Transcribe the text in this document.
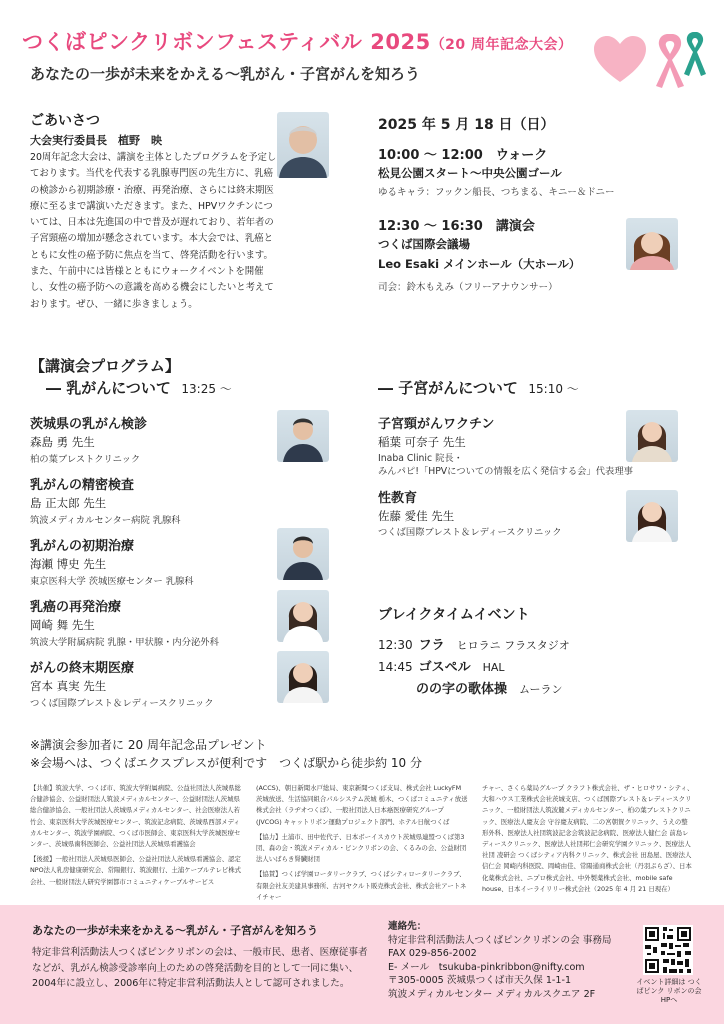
つくばピンクリボンフェスティバル 2025（20 周年記念大会）
あなたの一歩が未来をかえる〜乳がん・子宮がんを知ろう
ごあいさつ
大会実行委員長　植野　映
20周年記念大会は、講演を主体としたプログラムを予定しております。当代を代表する乳腺専門医の先生方に、乳癌の検診から初期診療・治療、再発治療、さらには終末期医療に至るまで講演いただきます。また、HPVワクチンについては、日本は先進国の中で普及が遅れており、若年者の子宮頸癌の増加が懸念されています。本大会では、乳癌とともに女性の癌予防に焦点を当て、啓発活動を行います。また、午前中には皆様とともにウォークイベントを開催し、女性の癌予防への意識を高める機会にしたいと考えております。ぜひ、一緒に歩きましょう。
2025 年 5 月 18 日（日）
10:00 〜 12:00　ウォーク
松見公園スタート〜中央公園ゴール
ゆるキャラ：フックン船長、つちまる、キニー＆ドニー
12:30 〜 16:30　講演会
つくば国際会議場
Leo Esaki メインホール（大ホール）
司会：鈴木もえみ（フリーアナウンサー）
【講演会プログラム】
― 乳がんについて 13:25 〜	― 子宮がんについて 15:10 〜
茨城県の乳がん検診
森島 勇 先生
柏の葉ブレストクリニック
乳がんの精密検査
島 正太郎 先生
筑波メディカルセンター病院 乳腺科
乳がんの初期治療
海瀬 博史 先生
東京医科大学 茨城医療センター 乳腺科
乳癌の再発治療
岡崎 舞 先生
筑波大学附属病院 乳腺・甲状腺・内分泌外科
がんの終末期医療
宮本 真実 先生
つくば国際ブレスト＆レディースクリニック
子宮頸がんワクチン
稲葉 可奈子 先生
Inaba Clinic 院長・
みんパピ!「HPVについての情報を広く発信する会」代表理事
性教育
佐藤 愛佳 先生
つくば国際ブレスト＆レディースクリニック
ブレイクタイムイベント
12:30 フラ ヒロラニ フラスタジオ
14:45 ゴスペル HAL
のの字の歌体操 ムーラン
※講演会参加者に 20 周年記念品プレゼント
※会場へは、つくばエクスプレスが便利です　つくば駅から徒歩約 10 分
【共催】筑波大学、つくば市、筑波大学附属病院、公益社団法人茨城県総合健診協会、公益財団法人筑波メディカルセンター、公益財団法人茨城県総合健診協会、一般社団法人茨城県メディカルセンター、社会医療法人若竹会、東京医科大学茨城医療センター、筑波記念病院、茨城県西部メディカルセンター、筑波学園病院、つくば市医師会、東京医科大学茨城医療センター、茨城県歯科医師会、公益社団法人茨城県看護協会
【後援】一般社団法人茨城県医師会、公益社団法人茨城県看護協会、認定NPO法人乳房健康研究会、常陽銀行、筑波銀行、土浦ケーブルテレビ株式会社、一般財団法人研究学園都市コミュニティケーブルサービス
(ACCS)、朝日新聞水戸総局、東京新聞つくば支局、株式会社 LuckyFM 茨城放送、生活協同組合パルシステム茨城 栃木、つくばコミュニティ放送株式会社（ラヂオつくば）、一般社団法人日本癌医療研究グループ (JVCOG) キャットリボン運動プロジェクト部門、ホテル日航つくば
【協力】土浦市、田中佐代子、日本ボーイスカウト茨城県連盟つくば第3団、森の会・筑波メディカル・ピンクリボンの会、くるみの会、公益財団法人いばらき腎臓財団
【協賛】つくば学園ロータリークラブ、つくばシティロータリークラブ、有限会社友美建具事務所、古河ヤクルト販売株式会社、株式会社アートネイチャー
チャー、さくら薬局グループ クラフト株式会社、ザ・ヒロサワ・シティ、大和ハウス工業株式会社茨城支店、つくば国際ブレスト＆レディースクリニック、一般財団法人筑波麓メディカルセンター、柏の葉ブレストクリニック、医療法人慶友会 守谷慶友病院、二の宮朝賀クリニック、うえの整形外科、医療法人社団筑波記念会筑波記念病院、医療法人健仁会 前島レディースクリニック、医療法人社団邦仁会研究学園クリニック、医療法人社団 凌研会 つくばシティア内科クリニック、株式会社 田島屋、医療法人信仁会 岡崎内科医院、岡崎由佳、常陽通商株式会社（丹羽ぷらざ）、日本化薬株式会社、ニプロ株式会社、中外製薬株式会社、mobile safe house、日本イーライリリー株式会社（2025 年 4 月 21 日現在）
あなたの一歩が未来をかえる〜乳がん・子宮がんを知ろう
特定非営利活動法人つくばピンクリボンの会は、一般市民、患者、医療従事者などが、乳がん検診受診率向上のための啓発活動を目的として一同に集い、2004年に設立し、2006年に特定非営利活動法人として認可されました。
連絡先：
特定非営利活動法人つくばピンクリボンの会 事務局
FAX 029-856-2002
E- メール　tsukuba-pinkribbon@nifty.com
〒305-0005 茨城県つくば市天久保 1-1-1
筑波メディカルセンター メディカルスクエア 2F
イベント詳細は つくばピンク リボンの会HPへ
